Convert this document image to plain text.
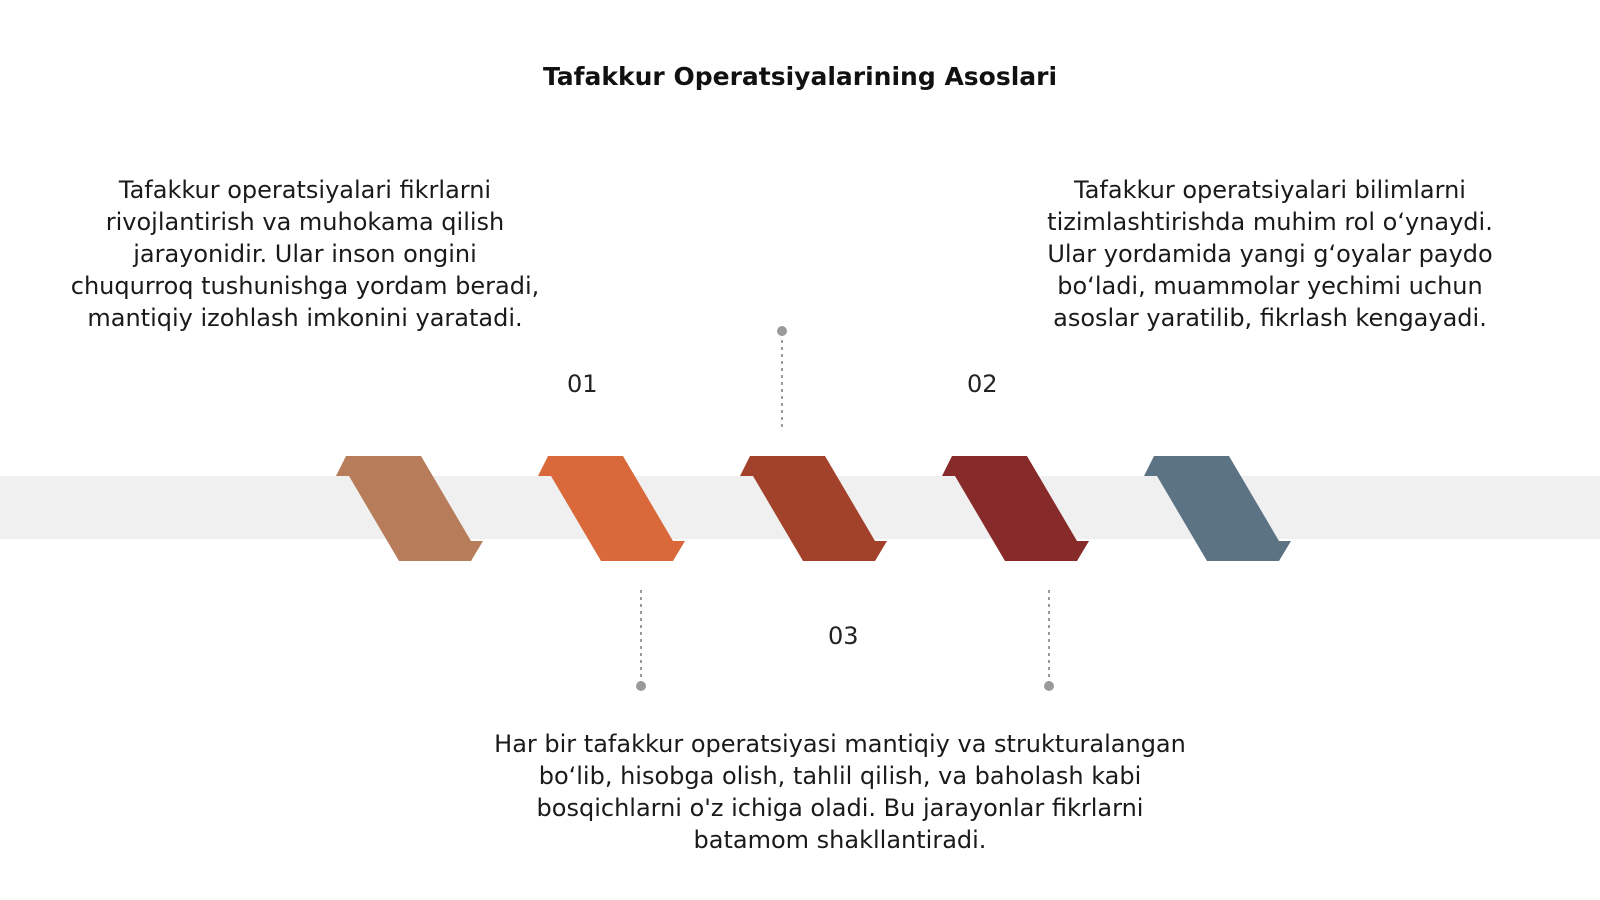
Tafakkur Operatsiyalarining Asoslari
Tafakkur operatsiyalari fikrlarni rivojlantirish va muhokama qilish jarayonidir. Ular inson ongini chuqurroq tushunishga yordam beradi, mantiqiy izohlash imkonini yaratadi.
Tafakkur operatsiyalari bilimlarni tizimlashtirishda muhim rol o‘ynaydi. Ular yordamida yangi g‘oyalar paydo bo‘ladi, muammolar yechimi uchun asoslar yaratilib, fikrlash kengayadi.
Har bir tafakkur operatsiyasi mantiqiy va strukturalangan bo‘lib, hisobga olish, tahlil qilish, va baholash kabi bosqichlarni o'z ichiga oladi. Bu jarayonlar fikrlarni batamom shakllantiradi.
01	02
03
